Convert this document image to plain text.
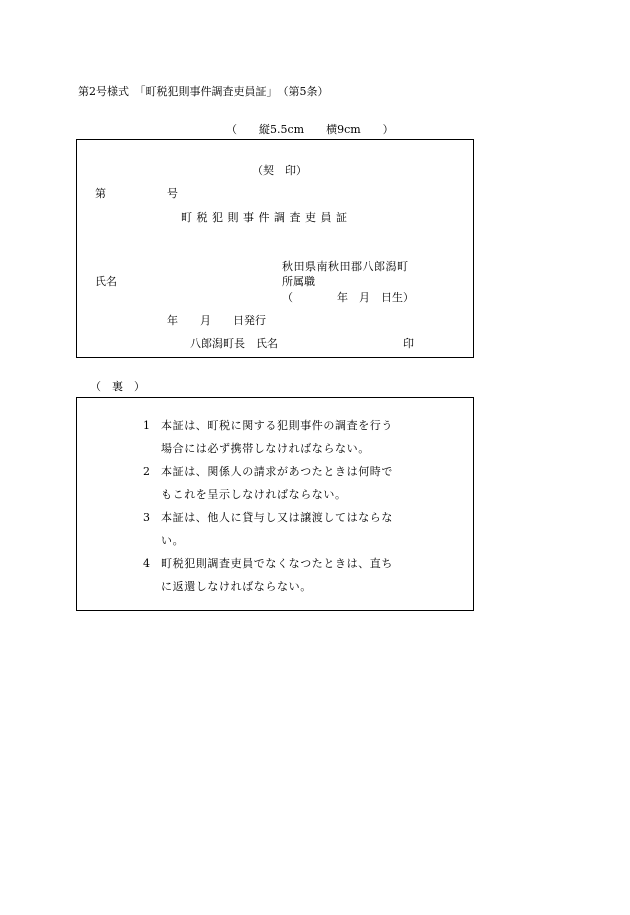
第2号様式　「町税犯則事件調査吏員証」　（第5条）
（　　縦5.5cm　　横9cm　　）
（契　印）
第	号
町税犯則事件調査吏員証
秋田県南秋田郡八郎潟町
氏名	所属職
（　　　　年　月　日生）
年　　月　　日発行
八郎潟町長　氏名	印
（　裏　）
1 本証は、町税に関する犯則事件の調査を行う
場合には必ず携帯しなければならない。
2 本証は、関係人の請求があつたときは何時で
もこれを呈示しなければならない。
3 本証は、他人に貸与し又は譲渡してはならな
い。
4 町税犯則調査吏員でなくなつたときは、直ち
に返還しなければならない。
